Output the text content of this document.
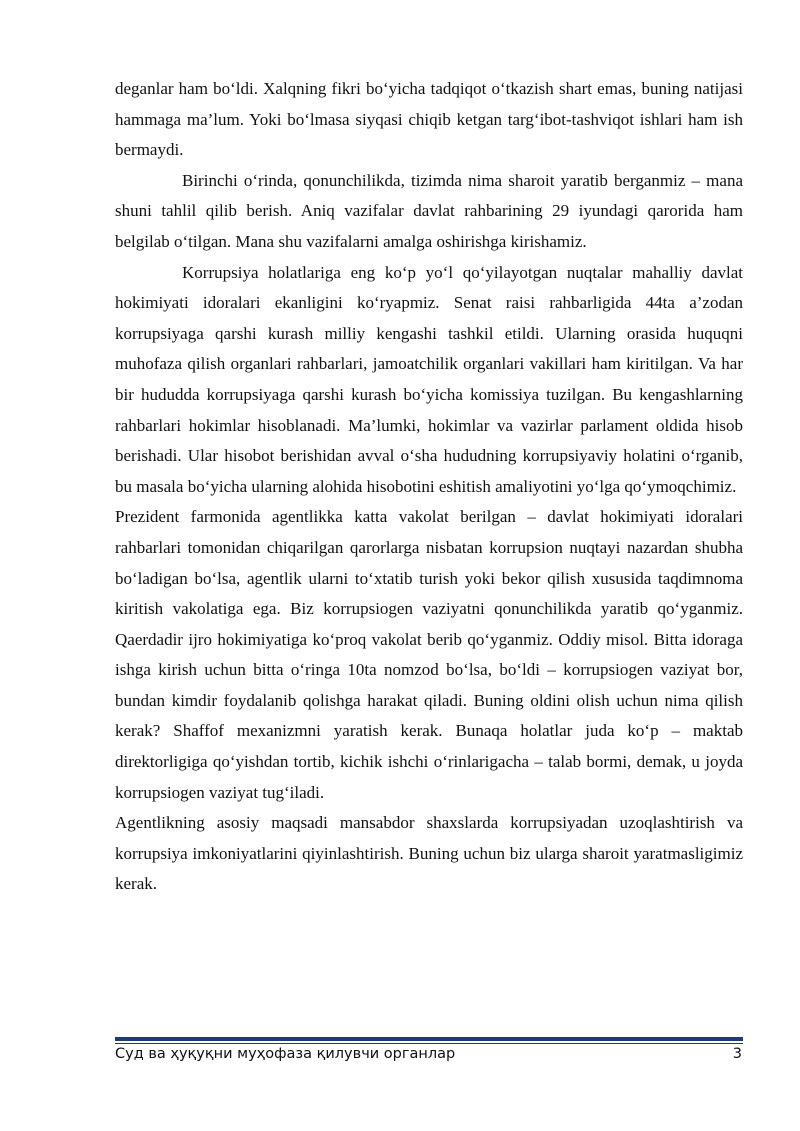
deganlar ham bo‘ldi. Xalqning fikri bo‘yicha tadqiqot o‘tkazish shart emas, buning natijasi hammaga ma’lum. Yoki bo‘lmasa siyqasi chiqib ketgan targ‘ibot-tashviqot ishlari ham ish bermaydi.

Birinchi o‘rinda, qonunchilikda, tizimda nima sharoit yaratib berganmiz – mana shuni tahlil qilib berish. Aniq vazifalar davlat rahbarining 29 iyundagi qarorida ham belgilab o‘tilgan. Mana shu vazifalarni amalga oshirishga kirishamiz.

Korrupsiya holatlariga eng ko‘p yo‘l qo‘yilayotgan nuqtalar mahalliy davlat hokimiyati idoralari ekanligini ko‘ryapmiz. Senat raisi rahbarligida 44ta a’zodan korrupsiyaga qarshi kurash milliy kengashi tashkil etildi. Ularning orasida huquqni muhofaza qilish organlari rahbarlari, jamoatchilik organlari vakillari ham kiritilgan. Va har bir hududda korrupsiyaga qarshi kurash bo‘yicha komissiya tuzilgan. Bu kengashlarning rahbarlari hokimlar hisoblanadi. Ma’lumki, hokimlar va vazirlar parlament oldida hisob berishadi. Ular hisobot berishidan avval o‘sha hududning korrupsiyaviy holatini o‘rganib, bu masala bo‘yicha ularning alohida hisobotini eshitish amaliyotini yo‘lga qo‘ymoqchimiz.

Prezident farmonida agentlikka katta vakolat berilgan – davlat hokimiyati idoralari rahbarlari tomonidan chiqarilgan qarorlarga nisbatan korrupsion nuqtayi nazardan shubha bo‘ladigan bo‘lsa, agentlik ularni to‘xtatib turish yoki bekor qilish xususida taqdimnoma kiritish vakolatiga ega. Biz korrupsiogen vaziyatni qonunchilikda yaratib qo‘yganmiz. Qaerdadir ijro hokimiyatiga ko‘proq vakolat berib qo‘yganmiz. Oddiy misol. Bitta idoraga ishga kirish uchun bitta o‘ringa 10ta nomzod bo‘lsa, bo‘ldi – korrupsiogen vaziyat bor, bundan kimdir foydalanib qolishga harakat qiladi. Buning oldini olish uchun nima qilish kerak? Shaffof mexanizmni yaratish kerak. Bunaqa holatlar juda ko‘p – maktab direktorligiga qo‘yishdan tortib, kichik ishchi o‘rinlarigacha – talab bormi, demak, u joyda korrupsiogen vaziyat tug‘iladi.

Agentlikning asosiy maqsadi mansabdor shaxslarda korrupsiyadan uzoqlashtirish va korrupsiya imkoniyatlarini qiyinlashtirish. Buning uchun biz ularga sharoit yaratmasligimiz kerak.

Суд ва ҳуқуқни муҳофаза қилувчи органлар	3
